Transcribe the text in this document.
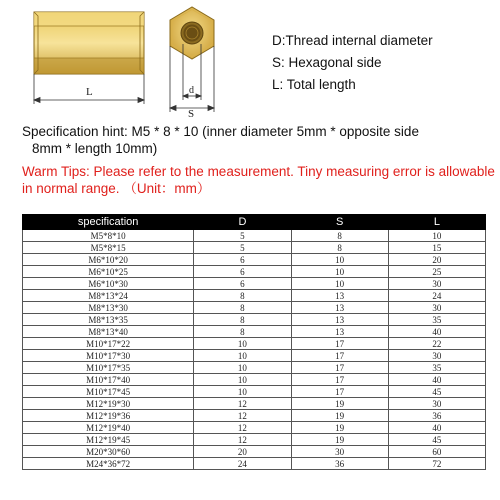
L	d
S
D:Thread internal diameter
S: Hexagonal side
L: Total length
Specification hint: M5 * 8 * 10 (inner diameter 5mm * opposite side
8mm * length 10mm)
Warm Tips: Please refer to the measurement. Tiny measuring error is allowable in normal range. （Unit：mm）
specification	D	S	L
M5*8*10	5	8	10
M5*8*15	5	8	15
M6*10*20	6	10	20
M6*10*25	6	10	25
M6*10*30	6	10	30
M8*13*24	8	13	24
M8*13*30	8	13	30
M8*13*35	8	13	35
M8*13*40	8	13	40
M10*17*22	10	17	22
M10*17*30	10	17	30
M10*17*35	10	17	35
M10*17*40	10	17	40
M10*17*45	10	17	45
M12*19*30	12	19	30
M12*19*36	12	19	36
M12*19*40	12	19	40
M12*19*45	12	19	45
M20*30*60	20	30	60
M24*36*72	24	36	72
